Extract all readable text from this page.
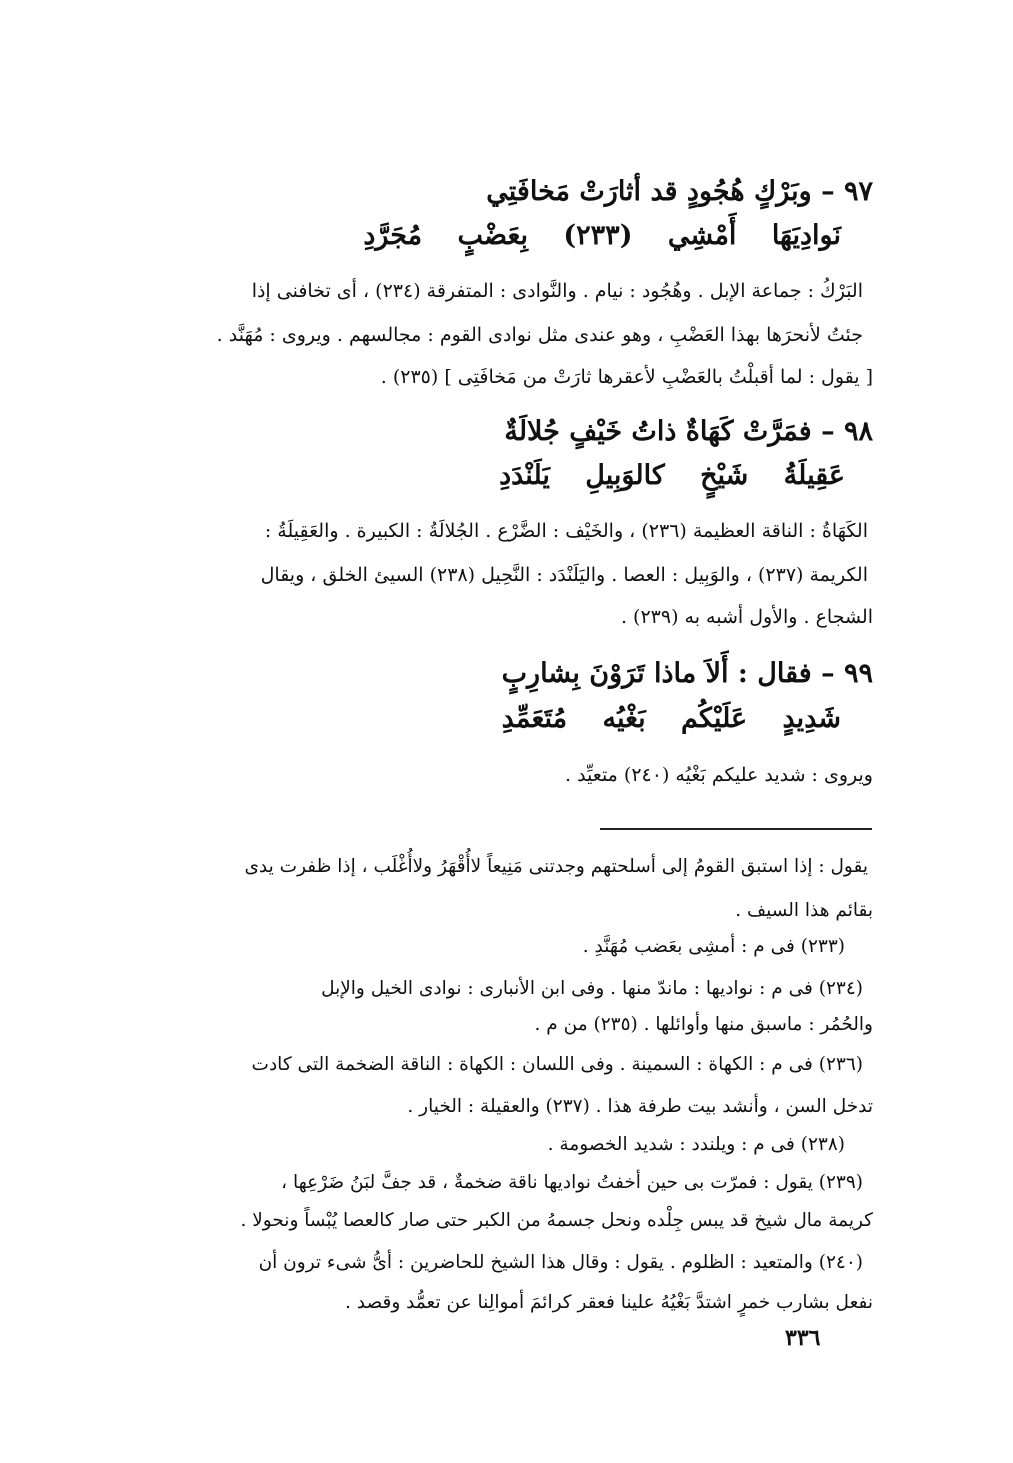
٩٧ – وبَرْكٍ هُجُودٍ قد أثارَتْ مَخافَتِي
نَوادِيَهَا أَمْشِي (٢٣٣) بِعَضْبٍ مُجَرَّدِ
البَرْكُ : جماعة الإبل . وهُجُود : نيام . والنَّوادى : المتفرقة (٢٣٤) ، أى تخافنى إذا
جئتُ لأنحرَها بهذا العَضْبِ ، وهو عندى مثل نوادى القوم : مجالسهم . ويروى : مُهَنَّد .
[ يقول : لما أقبلْتُ بالعَضْبِ لأعقرها ثارَتْ من مَخافَتِى ] (٢٣٥) .
٩٨ – فمَرَّتْ كَهَاةٌ ذاتُ خَيْفٍ جُلالَةٌ
عَقِيلَةُ شَيْخٍ كالوَبِيلِ يَلَنْدَدِ
الكَهَاةُ : الناقة العظيمة (٢٣٦) ، والخَيْف : الضَّرْع . الجُلالَةُ : الكبيرة . والعَقِيلَةُ :
الكريمة (٢٣٧) ، والوَبِيل : العصا . واليَلَنْدَد : النَّحِيل (٢٣٨) السيئ الخلق ، ويقال
الشجاع . والأول أشبه به (٢٣٩) .
٩٩ – فقال : أَلاَ ماذا تَرَوْنَ بِشارِبٍ
شَدِيدٍ عَلَيْكُم بَغْيُه مُتَعَمِّدِ
ويروى : شديد عليكم بَغْيُه (٢٤٠) متعيِّد .
يقول : إذا استبق القومُ إلى أسلحتهم وجدتنى مَنِيعاً لاأُقْهَرُ ولاأُغْلَب ، إذا ظفرت يدى
بقائم هذا السيف .
(٢٣٣) فى م : أمشِى بعَضب مُهَنَّدِ .
(٢٣٤) فى م : نواديها : ماندّ منها . وفى ابن الأنبارى : نوادى الخيل والإبل
والحُمُر : ماسبق منها وأوائلها . (٢٣٥) من م .
(٢٣٦) فى م : الكهاة : السمينة . وفى اللسان : الكهاة : الناقة الضخمة التى كادت
تدخل السن ، وأنشد بيت طرفة هذا . (٢٣٧) والعقيلة : الخيار .
(٢٣٨) فى م : ويلندد : شديد الخصومة .
(٢٣٩) يقول : فمرّت بى حين أخفتُ نواديها ناقة ضخمةٌ ، قد جفَّ لبَنُ ضَرْعِها ،
كريمة مال شيخ قد يبس جِلْده ونحل جسمهُ من الكبر حتى صار كالعصا يُبْساً ونحولا .
(٢٤٠) والمتعيد : الظلوم . يقول : وقال هذا الشيخ للحاضرين : أىُّ شىء ترون أن
نفعل بشارب خمرٍ اشتدَّ بَغْيُهُ علينا فعقر كرائمَ أموالِنا عن تعمُّد وقصد .
٣٣٦
